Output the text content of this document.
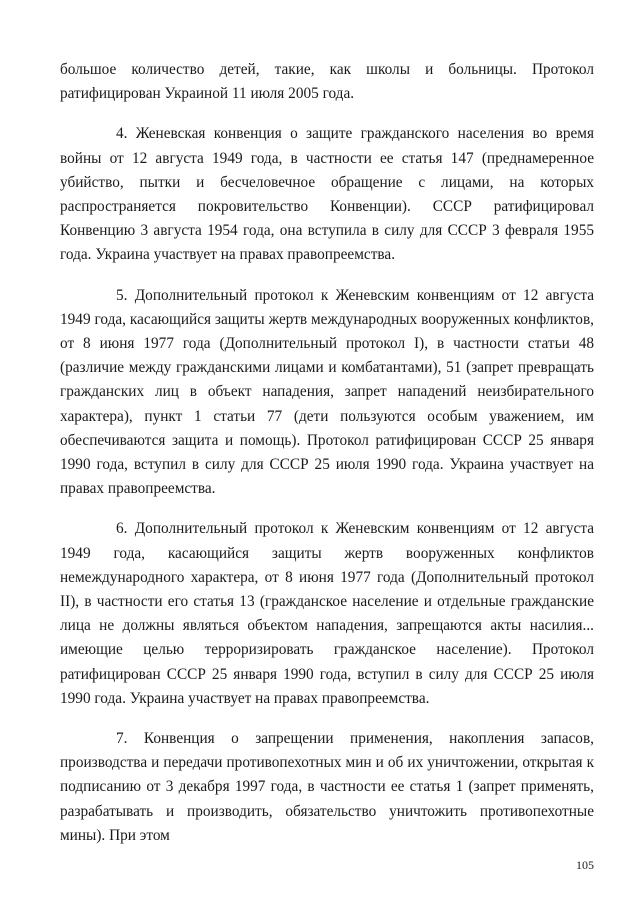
большое количество детей, такие, как школы и больницы. Протокол ратифицирован Украиной 11 июля 2005 года.

4. Женевская конвенция о защите гражданского населения во время войны от 12 августа 1949 года, в частности ее статья 147 (преднамеренное убийство, пытки и бесчеловечное обращение с лицами, на которых распространяется покровительство Конвенции). СССР ратифицировал Конвенцию 3 августа 1954 года, она вступила в силу для СССР 3 февраля 1955 года. Украина участвует на правах правопреемства.

5. Дополнительный протокол к Женевским конвенциям от 12 августа 1949 года, касающийся защиты жертв международных вооруженных конфликтов, от 8 июня 1977 года (Дополнительный протокол I), в частности статьи 48 (различие между гражданскими лицами и комбатантами), 51 (запрет превращать гражданских лиц в объект нападения, запрет нападений неизбирательного характера), пункт 1 статьи 77 (дети пользуются особым уважением, им обеспечиваются защита и помощь). Протокол ратифицирован СССР 25 января 1990 года, вступил в силу для СССР 25 июля 1990 года. Украина участвует на правах правопреемства.

6. Дополнительный протокол к Женевским конвенциям от 12 августа 1949 года, касающийся защиты жертв вооруженных конфликтов немеждународного характера, от 8 июня 1977 года (Дополнительный протокол II), в частности его статья 13 (гражданское население и отдельные гражданские лица не должны являться объектом нападения, запрещаются акты насилия... имеющие целью терроризировать гражданское население). Протокол ратифицирован СССР 25 января 1990 года, вступил в силу для СССР 25 июля 1990 года. Украина участвует на правах правопреемства.

7. Конвенция о запрещении применения, накопления запасов, производства и передачи противопехотных мин и об их уничтожении, открытая к подписанию от 3 декабря 1997 года, в частности ее статья 1 (запрет применять, разрабатывать и производить, обязательство уничтожить противопехотные мины). При этом

105
